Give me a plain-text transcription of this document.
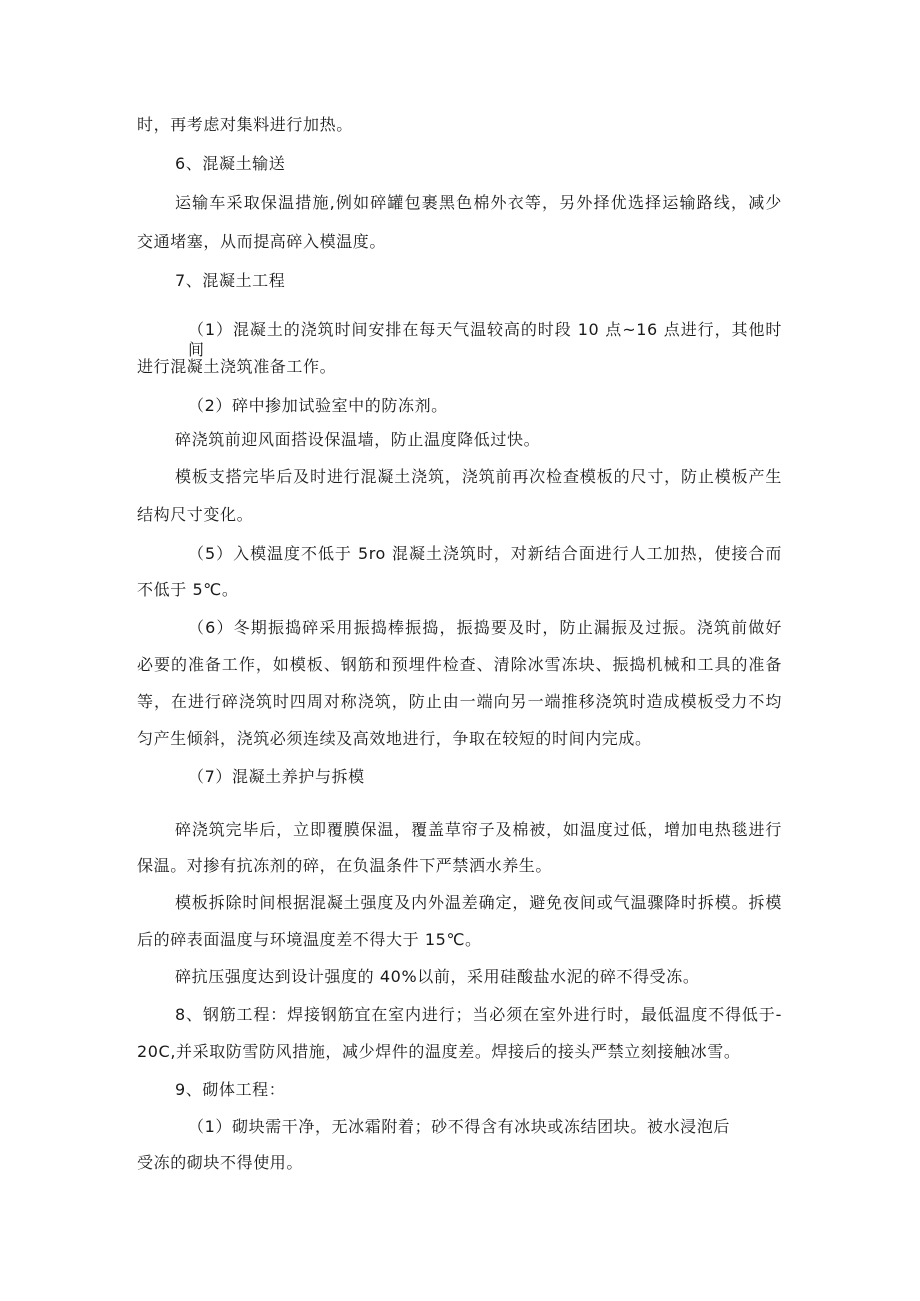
时，再考虑对集料进行加热。
6、混凝土输送
运输车采取保温措施,例如碎罐包裹黑色棉外衣等，另外择优选择运输路线，减少
交通堵塞，从而提高碎入模温度。
7、混凝土工程
（1）混凝土的浇筑时间安排在每天气温较高的时段 10 点~16 点进行，其他时间
进行混凝土浇筑准备工作。
（2）碎中掺加试验室中的防冻剂。
碎浇筑前迎风面搭设保温墙，防止温度降低过快。
模板支搭完毕后及时进行混凝土浇筑，浇筑前再次检查模板的尺寸，防止模板产生
结构尺寸变化。
（5）入模温度不低于 5ro 混凝土浇筑时，对新结合面进行人工加热，使接合而
不低于 5℃。
（6）冬期振捣碎采用振捣棒振捣，振捣要及时，防止漏振及过振。浇筑前做好
必要的准备工作，如模板、钢筋和预埋件检查、清除冰雪冻块、振捣机械和工具的准备
等，在进行碎浇筑时四周对称浇筑，防止由一端向另一端推移浇筑时造成模板受力不均
匀产生倾斜，浇筑必须连续及高效地进行，争取在较短的时间内完成。
（7）混凝土养护与拆模
碎浇筑完毕后，立即覆膜保温，覆盖草帘子及棉被，如温度过低，增加电热毯进行
保温。对掺有抗冻剂的碎，在负温条件下严禁洒水养生。
模板拆除时间根据混凝土强度及内外温差确定，避免夜间或气温骤降时拆模。拆模
后的碎表面温度与环境温度差不得大于 15℃。
碎抗压强度达到设计强度的 40%以前，采用硅酸盐水泥的碎不得受冻。
8、钢筋工程：焊接钢筋宜在室内进行；当必须在室外进行时，最低温度不得低于-
20C,并采取防雪防风措施，减少焊件的温度差。焊接后的接头严禁立刻接触冰雪。
9、砌体工程：
（1）砌块需干净，无冰霜附着；砂不得含有冰块或冻结团块。被水浸泡后
受冻的砌块不得使用。
